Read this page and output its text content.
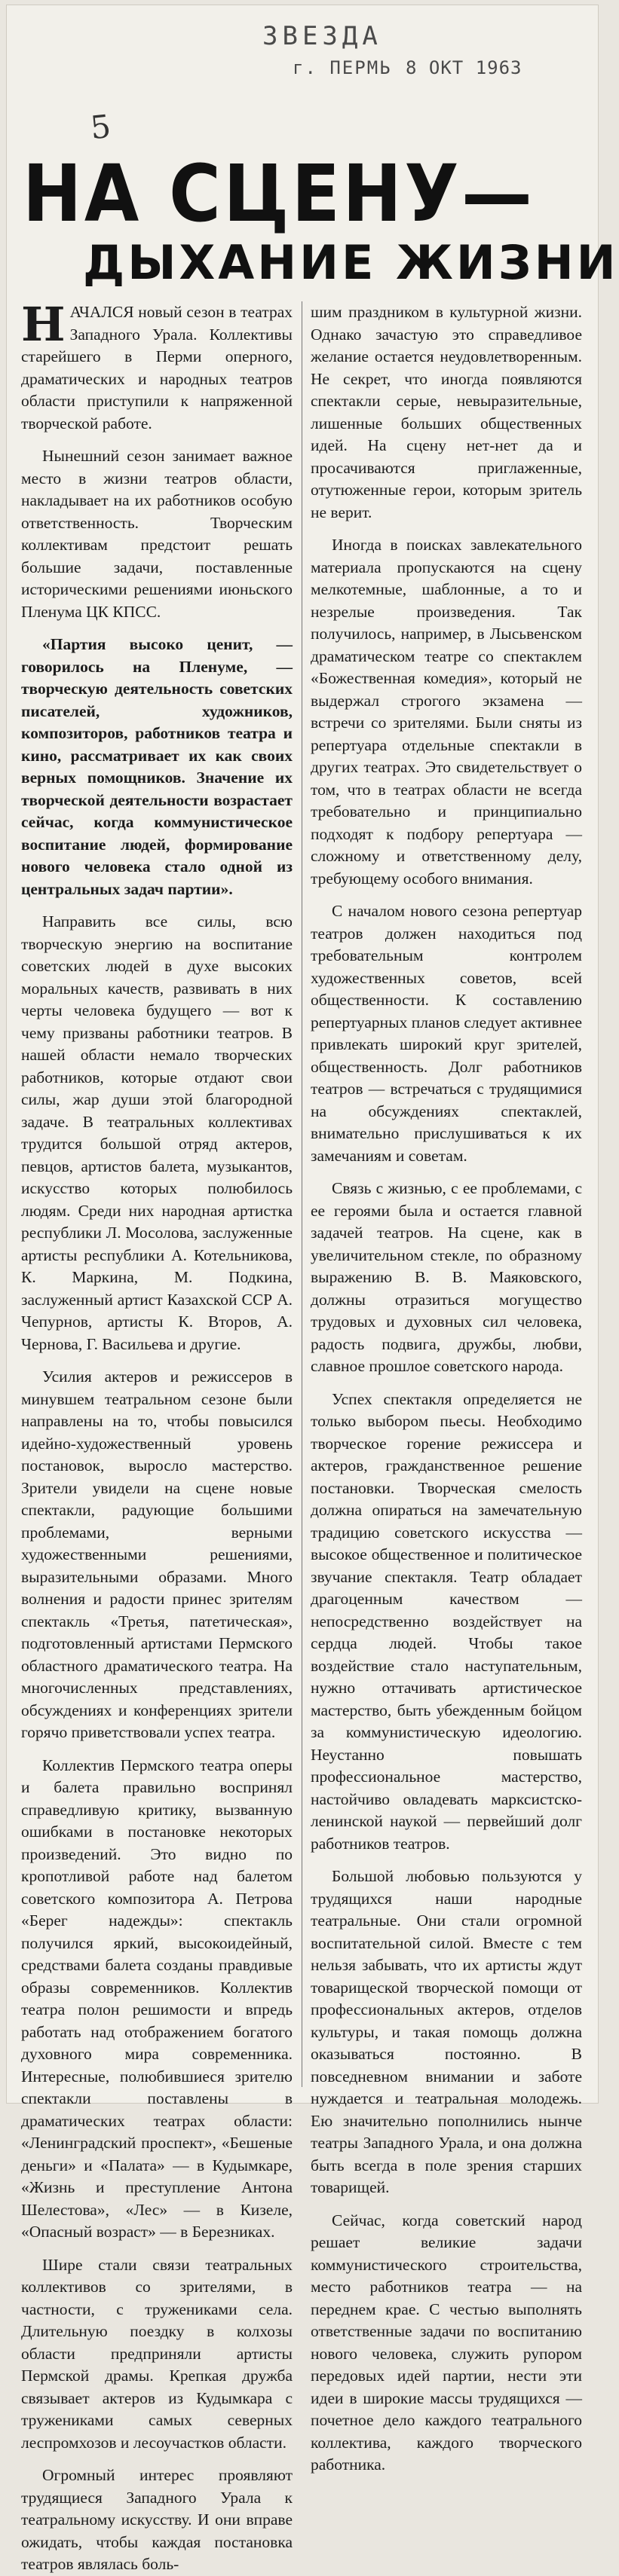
ЗВЕЗДА
г. ПЕРМЬ 8 ОКТ 1963
5
НА СЦЕНУ—
ДЫХАНИЕ ЖИЗНИ

НАЧАЛСЯ новый сезон в театрах Западного Урала. Коллективы старейшего в Перми оперного, драматических и народных театров области приступили к напряженной творческой работе.

Нынешний сезон занимает важное место в жизни театров области, накладывает на их работников особую ответственность. Творческим коллективам предстоит решать большие задачи, поставленные историческими решениями июньского Пленума ЦК КПСС.

«Партия высоко ценит, — говорилось на Пленуме, — творческую деятельность советских писателей, художников, композиторов, работников театра и кино, рассматривает их как своих верных помощников. Значение их творческой деятельности возрастает сейчас, когда коммунистическое воспитание людей, формирование нового человека стало одной из центральных задач партии».

Направить все силы, всю творческую энергию на воспитание советских людей в духе высоких моральных качеств, развивать в них черты человека будущего — вот к чему призваны работники театров. В нашей области немало творческих работников, которые отдают свои силы, жар души этой благородной задаче. В театральных коллективах трудится большой отряд актеров, певцов, артистов балета, музыкантов, искусство которых полюбилось людям. Среди них народная артистка республики Л. Мосолова, заслуженные артисты республики А. Котельникова, К. Маркина, М. Подкина, заслуженный артист Казахской ССР А. Чепурнов, артисты К. Второв, А. Чернова, Г. Васильева и другие.

Усилия актеров и режиссеров в минувшем театральном сезоне были направлены на то, чтобы повысился идейно-художественный уровень постановок, выросло мастерство. Зрители увидели на сцене новые спектакли, радующие большими проблемами, верными художественными решениями, выразительными образами. Много волнения и радости принес зрителям спектакль «Третья, патетическая», подготовленный артистами Пермского областного драматического театра. На многочисленных представлениях, обсуждениях и конференциях зрители горячо приветствовали успех театра.

Коллектив Пермского театра оперы и балета правильно воспринял справедливую критику, вызванную ошибками в постановке некоторых произведений. Это видно по кропотливой работе над балетом советского композитора А. Петрова «Берег надежды»: спектакль получился яркий, высокоидейный, средствами балета созданы правдивые образы современников. Коллектив театра полон решимости и впредь работать над отображением богатого духовного мира современника. Интересные, полюбившиеся зрителю спектакли поставлены в драматических театрах области: «Ленинградский проспект», «Бешеные деньги» и «Палата» — в Кудымкаре, «Жизнь и преступление Антона Шелестова», «Лес» — в Кизеле, «Опасный возраст» — в Березниках.

Шире стали связи театральных коллективов со зрителями, в частности, с тружениками села. Длительную поездку в колхозы области предприняли артисты Пермской драмы. Крепкая дружба связывает актеров из Кудымкара с тружениками самых северных леспромхозов и лесоучастков области.

Огромный интерес проявляют трудящиеся Западного Урала к театральному искусству. И они вправе ожидать, чтобы каждая постановка театров являлась боль-

шим праздником в культурной жизни. Однако зачастую это справедливое желание остается неудовлетворенным. Не секрет, что иногда появляются спектакли серые, невыразительные, лишенные больших общественных идей. На сцену нет-нет да и просачиваются приглаженные, отутюженные герои, которым зритель не верит.

Иногда в поисках завлекательного материала пропускаются на сцену мелкотемные, шаблонные, а то и незрелые произведения. Так получилось, например, в Лысьвенском драматическом театре со спектаклем «Божественная комедия», который не выдержал строгого экзамена — встречи со зрителями. Были сняты из репертуара отдельные спектакли в других театрах. Это свидетельствует о том, что в театрах области не всегда требовательно и принципиально подходят к подбору репертуара — сложному и ответственному делу, требующему особого внимания.

С началом нового сезона репертуар театров должен находиться под требовательным контролем художественных советов, всей общественности. К составлению репертуарных планов следует активнее привлекать широкий круг зрителей, общественность. Долг работников театров — встречаться с трудящимися на обсуждениях спектаклей, внимательно прислушиваться к их замечаниям и советам.

Связь с жизнью, с ее проблемами, с ее героями была и остается главной задачей театров. На сцене, как в увеличительном стекле, по образному выражению В. В. Маяковского, должны отразиться могущество трудовых и духовных сил человека, радость подвига, дружбы, любви, славное прошлое советского народа.

Успех спектакля определяется не только выбором пьесы. Необходимо творческое горение режиссера и актеров, гражданственное решение постановки. Творческая смелость должна опираться на замечательную традицию советского искусства — высокое общественное и политическое звучание спектакля. Театр обладает драгоценным качеством — непосредственно воздействует на сердца людей. Чтобы такое воздействие стало наступательным, нужно оттачивать артистическое мастерство, быть убежденным бойцом за коммунистическую идеологию. Неустанно повышать профессиональное мастерство, настойчиво овладевать марксистско-ленинской наукой — первейший долг работников театров.

Большой любовью пользуются у трудящихся наши народные театральные. Они стали огромной воспитательной силой. Вместе с тем нельзя забывать, что их артисты ждут товарищеской творческой помощи от профессиональных актеров, отделов культуры, и такая помощь должна оказываться постоянно. В повседневном внимании и заботе нуждается и театральная молодежь. Ею значительно пополнились нынче театры Западного Урала, и она должна быть всегда в поле зрения старших товарищей.

Сейчас, когда советский народ решает великие задачи коммунистического строительства, место работников театра — на переднем крае. С честью выполнять ответственные задачи по воспитанию нового человека, служить рупором передовых идей партии, нести эти идеи в широкие массы трудящихся — почетное дело каждого театрального коллектива, каждого творческого работника.
